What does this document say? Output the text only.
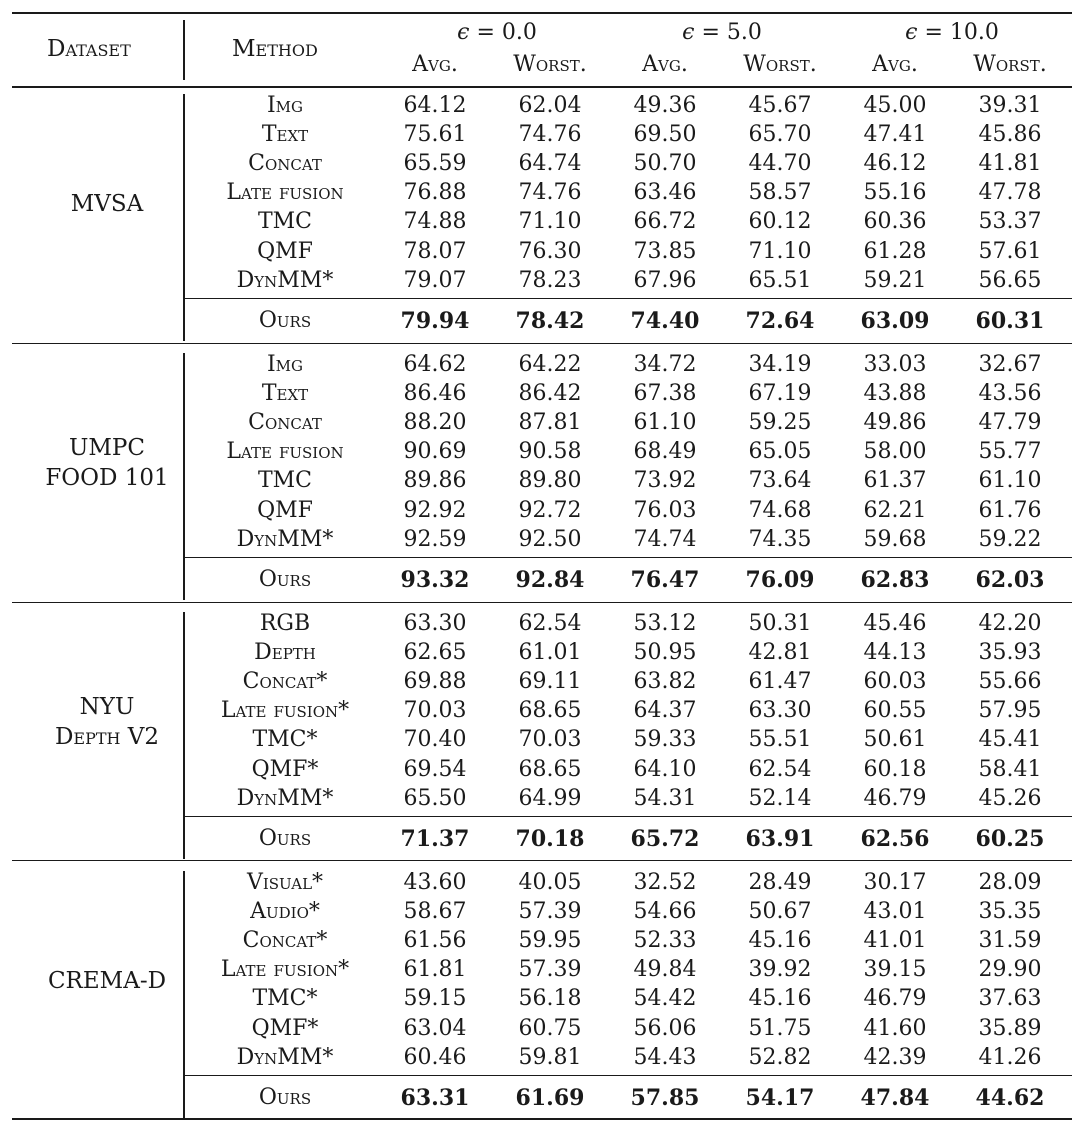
Dataset	Method
ϵ = 0.0	ϵ = 5.0	ϵ = 10.0
Avg.	Worst.	Avg.	Worst.	Avg.	Worst.
MVSA
Img	64.12 62.04 49.36 45.67 45.00 39.31
Text	75.61 74.76 69.50 65.70 47.41 45.86
Concat	65.59 64.74 50.70 44.70 46.12 41.81
Late fusion	76.88 74.76 63.46 58.57 55.16 47.78
TMC	74.88 71.10 66.72 60.12 60.36 53.37
QMF	78.07 76.30 73.85 71.10 61.28 57.61
DynMM*	79.07 78.23 67.96 65.51 59.21 56.65
Ours	79.94 78.42 74.40 72.64 63.09 60.31
UMPC
FOOD 101
Img	64.62 64.22 34.72 34.19 33.03 32.67
Text	86.46 86.42 67.38 67.19 43.88 43.56
Concat	88.20 87.81 61.10 59.25 49.86 47.79
Late fusion	90.69 90.58 68.49 65.05 58.00 55.77
TMC	89.86 89.80 73.92 73.64 61.37 61.10
QMF	92.92 92.72 76.03 74.68 62.21 61.76
DynMM*	92.59 92.50 74.74 74.35 59.68 59.22
Ours	93.32 92.84 76.47 76.09 62.83 62.03
NYU
Depth V2
RGB	63.30 62.54 53.12 50.31 45.46 42.20
Depth	62.65 61.01 50.95 42.81 44.13 35.93
Concat*	69.88 69.11 63.82 61.47 60.03 55.66
Late fusion* 70.03 68.65 64.37 63.30 60.55 57.95
TMC*	70.40 70.03 59.33 55.51 50.61 45.41
QMF*	69.54 68.65 64.10 62.54 60.18 58.41
DynMM*	65.50 64.99 54.31 52.14 46.79 45.26
Ours	71.37 70.18 65.72 63.91 62.56 60.25
CREMA-D
Visual*	43.60 40.05 32.52 28.49 30.17 28.09
Audio*	58.67 57.39 54.66 50.67 43.01 35.35
Concat*	61.56 59.95 52.33 45.16 41.01 31.59
Late fusion* 61.81 57.39 49.84 39.92 39.15 29.90
TMC*	59.15 56.18 54.42 45.16 46.79 37.63
QMF*	63.04 60.75 56.06 51.75 41.60 35.89
DynMM*	60.46 59.81 54.43 52.82 42.39 41.26
Ours	63.31 61.69 57.85 54.17 47.84 44.62
